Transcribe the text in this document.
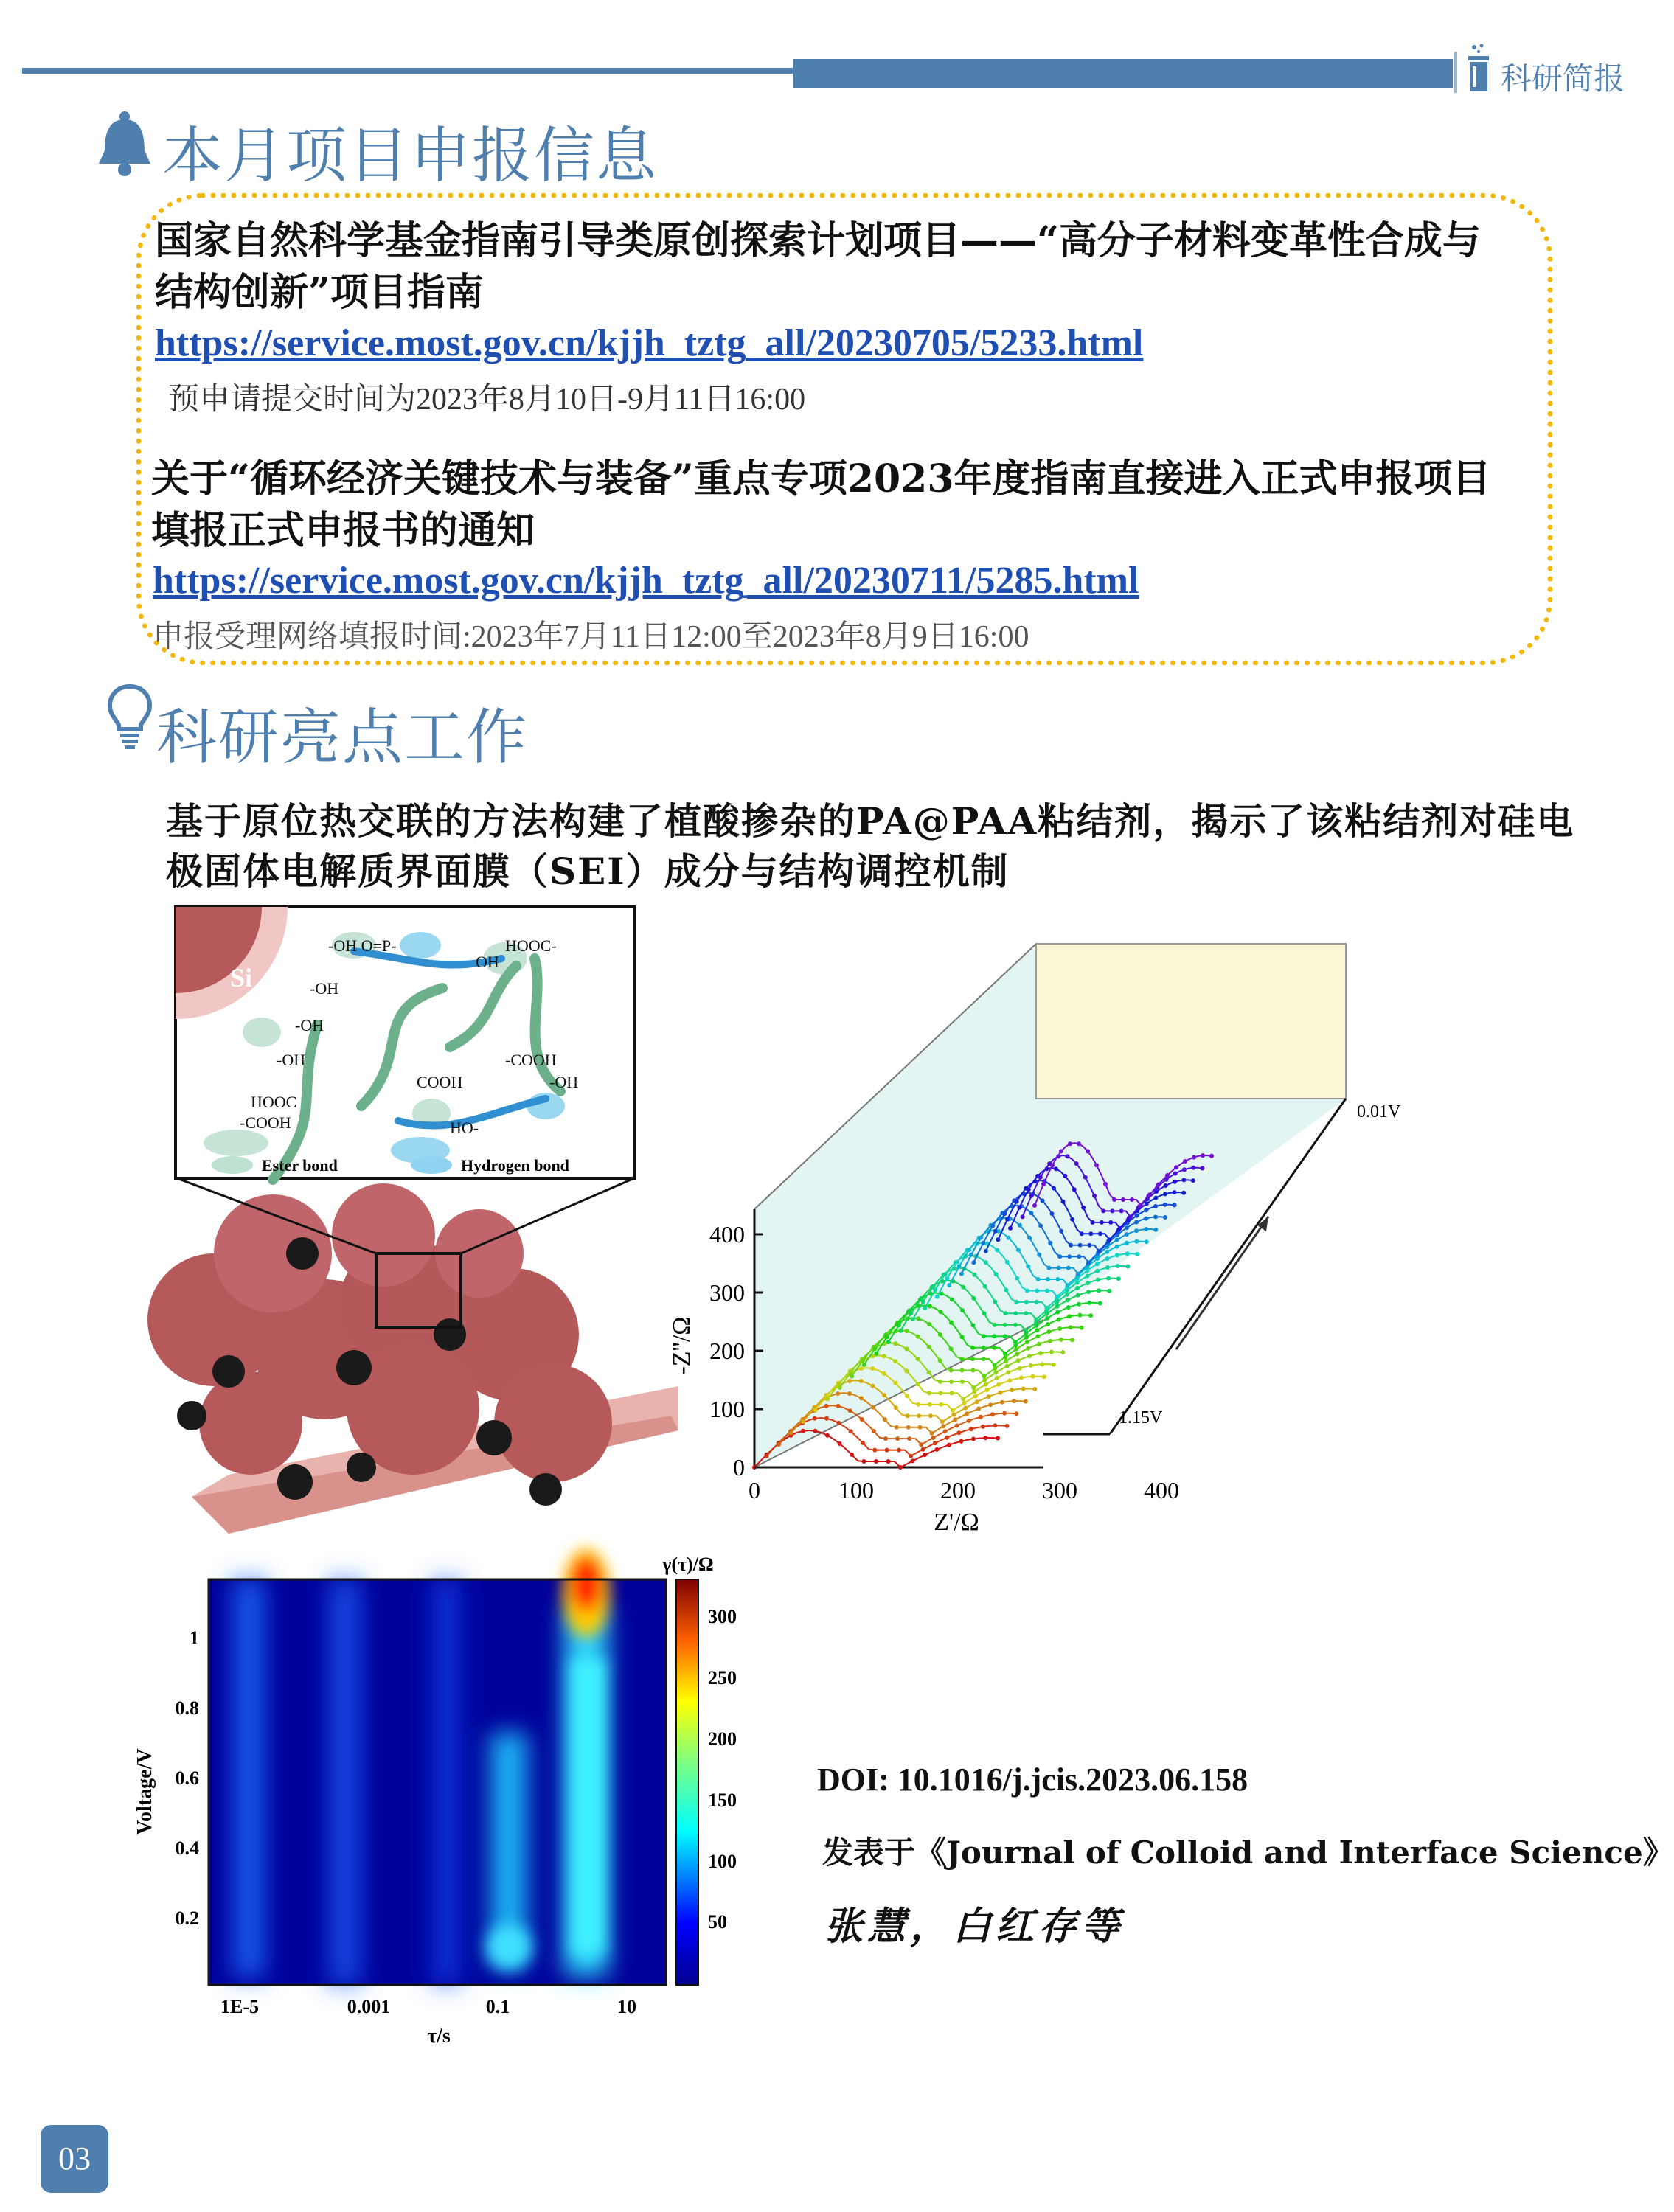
科研简报
本月项目申报信息
国家自然科学基金指南引导类原创探索计划项目——“高分子材料变革性合成与结构创新”项目指南
https://service.most.gov.cn/kjjh_tztg_all/20230705/5233.html
预申请提交时间为2023年8月10日-9月11日16:00
关于“循环经济关键技术与装备”重点专项2023年度指南直接进入正式申报项目填报正式申报书的通知
https://service.most.gov.cn/kjjh_tztg_all/20230711/5285.html
申报受理网络填报时间:2023年7月11日12:00至2023年8月9日16:00
科研亮点工作
基于原位热交联的方法构建了植酸掺杂的PA@PAA粘结剂，揭示了该粘结剂对硅电极固体电解质界面膜（SEI）成分与结构调控机制
Si
-OH O=P-
OH
HOOC-
-OH
-OH
-OH	-COOH
-COOH
COOH
HOOC
HO-
-OH
Ester bond	Hydrogen bond
0.01V
1.15V
0
100
200
300
400
0	100	200	300	400
Z'/Ω
-Z''/Ω
γ(τ)/Ω
50
100
150
200
250
300
0.2
0.4
0.6
0.8
1
1E-5	0.001	0.1	10
τ/s
Voltage/V	DOI: 10.1016/j.jcis.2023.06.158
发表于《Journal of Colloid and Interface Science》
张慧，白红存等
03
